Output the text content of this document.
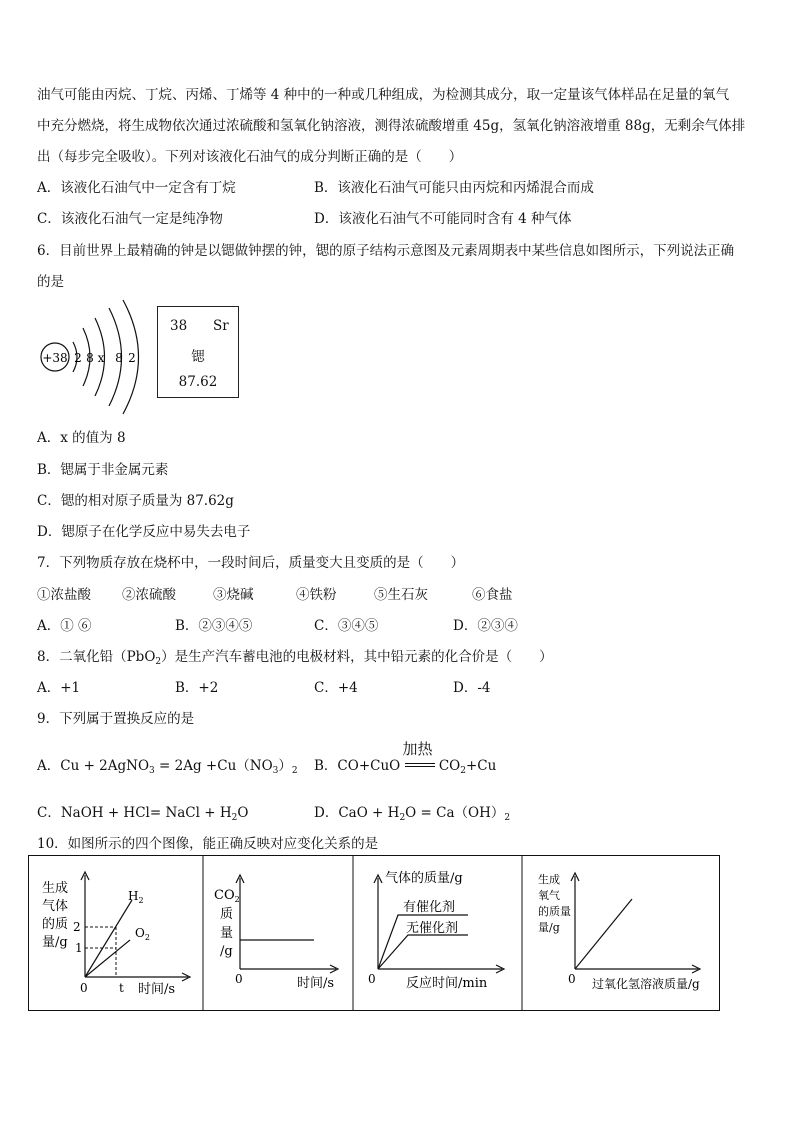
油气可能由丙烷、丁烷、丙烯、丁烯等 4 种中的一种或几种组成，为检测其成分，取一定量该气体样品在足量的氧气
中充分燃烧，将生成物依次通过浓硫酸和氢氧化钠溶液，测得浓硫酸增重 45g，氢氧化钠溶液增重 88g，无剩余气体排
出（每步完全吸收）。下列对该液化石油气的成分判断正确的是（　　）
A．该液化石油气中一定含有丁烷	B．该液化石油气可能只由丙烷和丙烯混合而成
C．该液化石油气一定是纯净物	D．该液化石油气不可能同时含有 4 种气体
6．目前世界上最精确的钟是以锶做钟摆的钟，锶的原子结构示意图及元素周期表中某些信息如图所示，下列说法正确
的是
+38 2 8 x 8 2
38 Sr
锶
87.62
A．x 的值为 8
B．锶属于非金属元素
C．锶的相对原子质量为 87.62g
D．锶原子在化学反应中易失去电子
7．下列物质存放在烧杯中，一段时间后，质量变大且变质的是（　　）
①浓盐酸 ②浓硫酸	③烧碱	④铁粉	⑤生石灰	⑥食盐
A．① ⑥	B．②③④⑤	C．③④⑤	D．②③④
8．二氧化铅（PbO$_2$）是生产汽车蓄电池的电极材料，其中铅元素的化合价是（　　）
A．+1	B．+2	C．+4	D．-4
9．下列属于置换反应的是
A．Cu + 2AgNO$_3$ = $2Ag +Cu(NO_3)_2$ B．CO+CuO
加热
$CO_2+Cu$
C．NaOH + HCl= NaCl + $H_2O$	D．CaO + $H_2O = Ca(OH)_2$
10．如图所示的四个图像，能正确反映对应变化关系的是
生成
气体
的质
量/g
2
1
0	t 时间/s
$H_2$
$O_2$
$CO_2$
质
量
/g
0	时间/s
气体的质量/g
有催化剂
无催化剂
0 反应时间/min
生成
氧气
的质量
量/g
0 过氧化氢溶液质量/g
